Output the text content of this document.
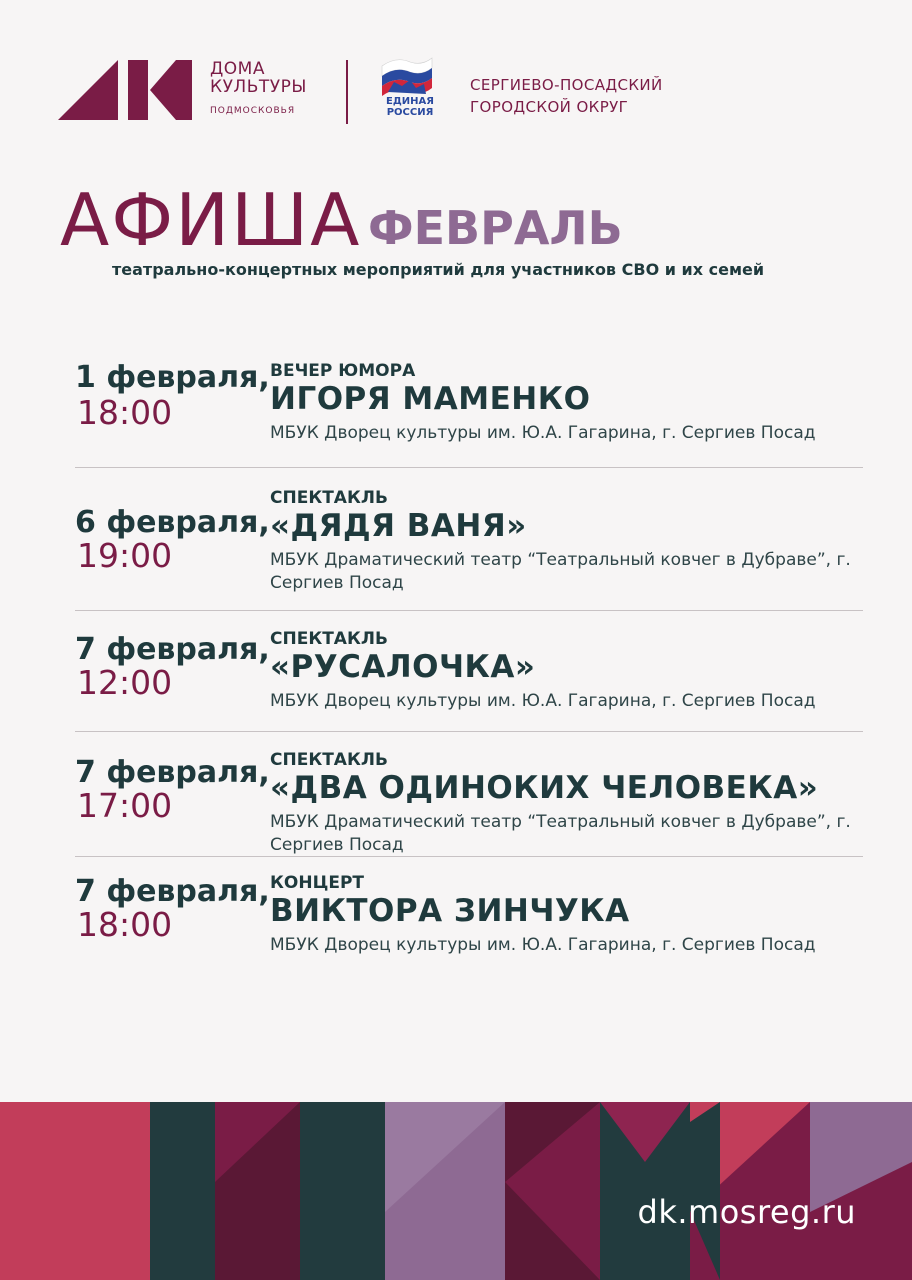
ДОМА
КУЛЬТУРЫ
ПОДМОСКОВЬЯ
ЕДИНАЯ
РОССИЯ
СЕРГИЕВО-ПОСАДСКИЙ
ГОРОДСКОЙ ОКРУГ
АФИША ФЕВРАЛЬ
театрально-концертных мероприятий для участников СВО и их семей
1 февраля,
18:00
ВЕЧЕР ЮМОРА
ИГОРЯ МАМЕНКО
МБУК Дворец культуры им. Ю.А. Гагарина, г. Сергиев Посад
6 февраля,
19:00
СПЕКТАКЛЬ
«ДЯДЯ ВАНЯ»
МБУК Драматический театр “Театральный ковчег в Дубраве”, г. Сергиев Посад
7 февраля,
12:00
СПЕКТАКЛЬ
«РУСАЛОЧКА»
МБУК Дворец культуры им. Ю.А. Гагарина, г. Сергиев Посад
7 февраля,
17:00
СПЕКТАКЛЬ
«ДВА ОДИНОКИХ ЧЕЛОВЕКА»
МБУК Драматический театр “Театральный ковчег в Дубраве”, г. Сергиев Посад
7 февраля,
18:00
КОНЦЕРТ
ВИКТОРА ЗИНЧУКА
МБУК Дворец культуры им. Ю.А. Гагарина, г. Сергиев Посад
dk.mosreg.ru
